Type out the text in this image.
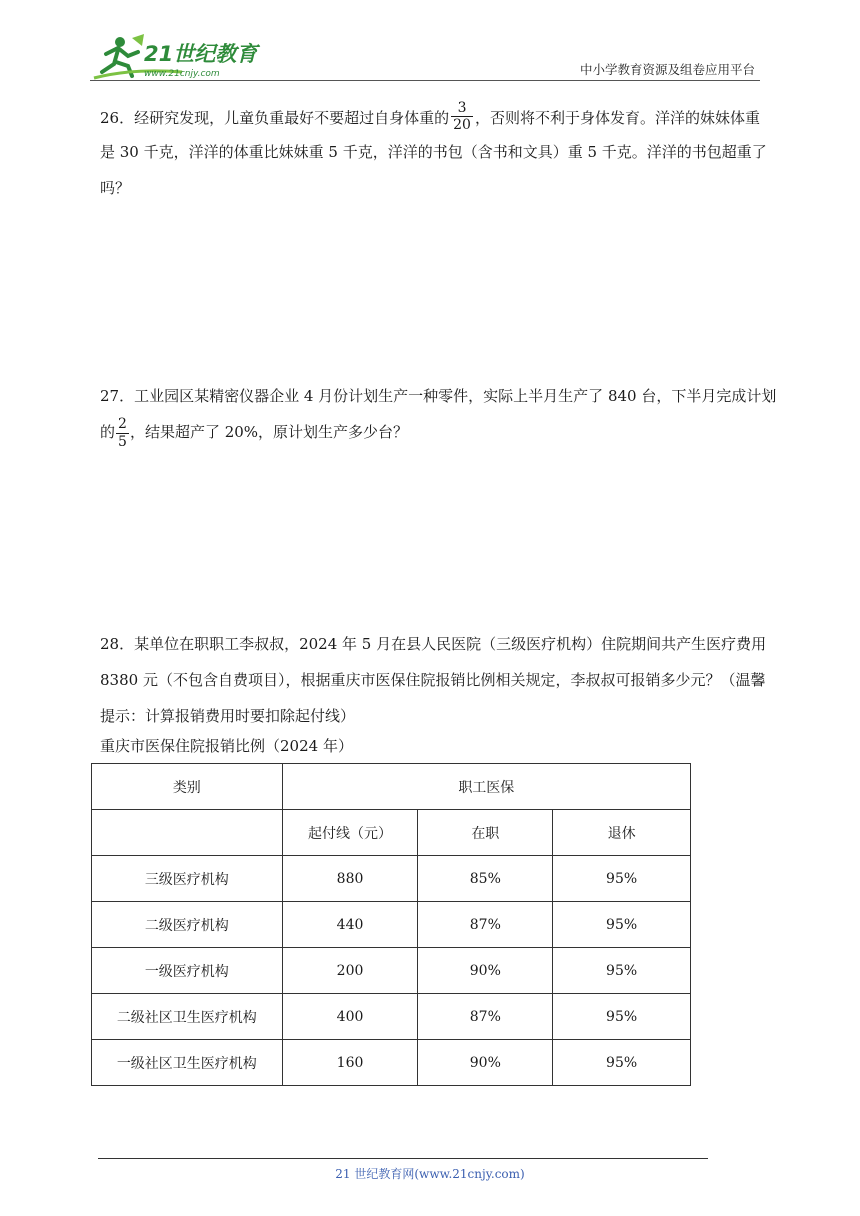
21世纪教育
www.21cnjy.com	中小学教育资源及组卷应用平台
26．经研究发现，儿童负重最好不要超过自身体重的 $\frac{3}{20}$ ，否则将不利于身体发育。洋洋的妹妹体重
是 30 千克，洋洋的体重比妹妹重 5 千克，洋洋的书包（含书和文具）重 5 千克。洋洋的书包超重了
吗？
27．工业园区某精密仪器企业 4 月份计划生产一种零件，实际上半月生产了 840 台，下半月完成计划
的 $\frac{2}{5}$ ，结果超产了 20%，原计划生产多少台？
28．某单位在职职工李叔叔，2024 年 5 月在县人民医院（三级医疗机构）住院期间共产生医疗费用
8380 元（不包含自费项目），根据重庆市医保住院报销比例相关规定，李叔叔可报销多少元？（温馨
提示：计算报销费用时要扣除起付线）
重庆市医保住院报销比例（2024 年）
类别	职工医保		
	起付线（元）	在职	退休
三级医疗机构	880	85%	95%
二级医疗机构	440	87%	95%
一级医疗机构	200	90%	95%
二级社区卫生医疗机构	400	87%	95%
一级社区卫生医疗机构	160	90%	95%
21 世纪教育网(www.21cnjy.com)
